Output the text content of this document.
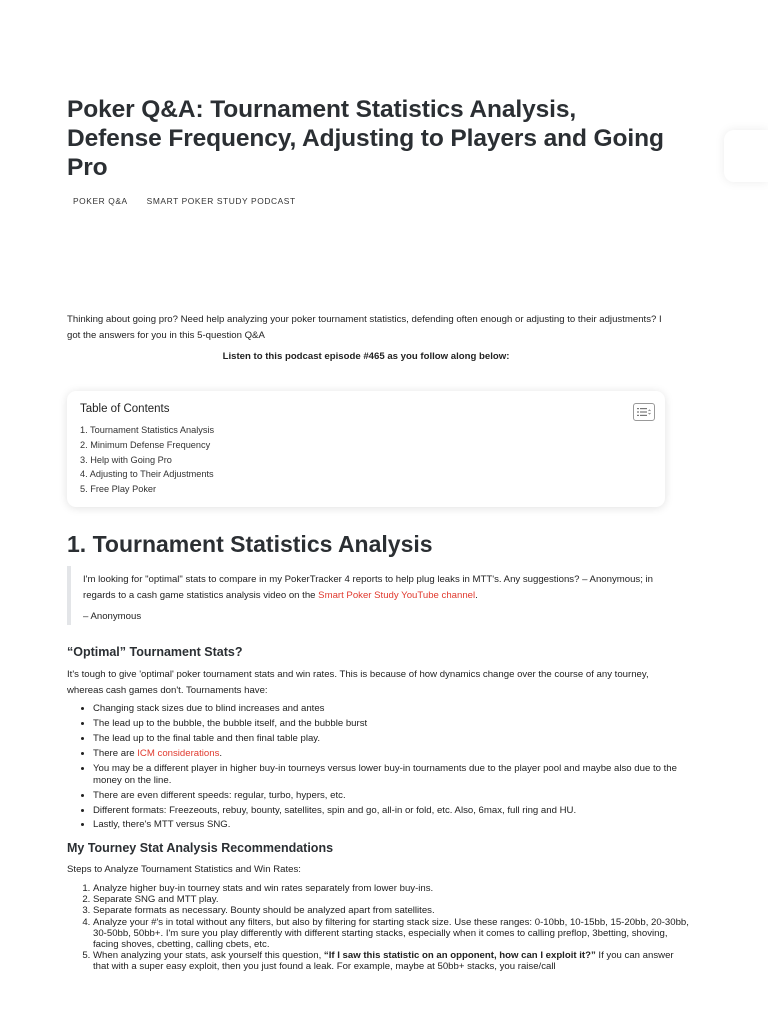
Poker Q&A: Tournament Statistics Analysis, Defense Frequency, Adjusting to Players and Going Pro
POKER Q&A SMART POKER STUDY PODCAST

Thinking about going pro? Need help analyzing your poker tournament statistics, defending often enough or adjusting to their adjustments? I got the answers for you in this 5-question Q&A

Listen to this podcast episode #465 as you follow along below:

Table of Contents

1. Tournament Statistics Analysis
2. Minimum Defense Frequency
3. Help with Going Pro
4. Adjusting to Their Adjustments
5. Free Play Poker
1. Tournament Statistics Analysis

I'm looking for "optimal" stats to compare in my PokerTracker 4 reports to help plug leaks in MTT's. Any suggestions? – Anonymous; in regards to a cash game statistics analysis video on the Smart Poker Study YouTube channel.

– Anonymous

“Optimal” Tournament Stats?

It's tough to give 'optimal' poker tournament stats and win rates. This is because of how dynamics change over the course of any tourney, whereas cash games don't. Tournaments have:

• Changing stack sizes due to blind increases and antes
• The lead up to the bubble, the bubble itself, and the bubble burst
• The lead up to the final table and then final table play.
• There are ICM considerations.
• You may be a different player in higher buy-in tourneys versus lower buy-in tournaments due to the player pool and maybe also due to the money on the line.
• There are even different speeds: regular, turbo, hypers, etc.
• Different formats: Freezeouts, rebuy, bounty, satellites, spin and go, all-in or fold, etc. Also, 6max, full ring and HU.
• Lastly, there's MTT versus SNG.
My Tourney Stat Analysis Recommendations

Steps to Analyze Tournament Statistics and Win Rates:

1. Analyze higher buy-in tourney stats and win rates separately from lower buy-ins.
2. Separate SNG and MTT play.
3. Separate formats as necessary. Bounty should be analyzed apart from satellites.
4. Analyze your #'s in total without any filters, but also by filtering for starting stack size. Use these ranges: 0-10bb, 10-15bb, 15-20bb, 20-30bb, 30-50bb, 50bb+. I'm sure you play differently with different starting stacks, especially when it comes to calling preflop, 3betting, shoving, facing shoves, cbetting, calling cbets, etc.
5. When analyzing your stats, ask yourself this question, “If I saw this statistic on an opponent, how can I exploit it?” If you can answer that with a super easy exploit, then you just found a leak. For example, maybe at 50bb+ stacks, you raise/call
